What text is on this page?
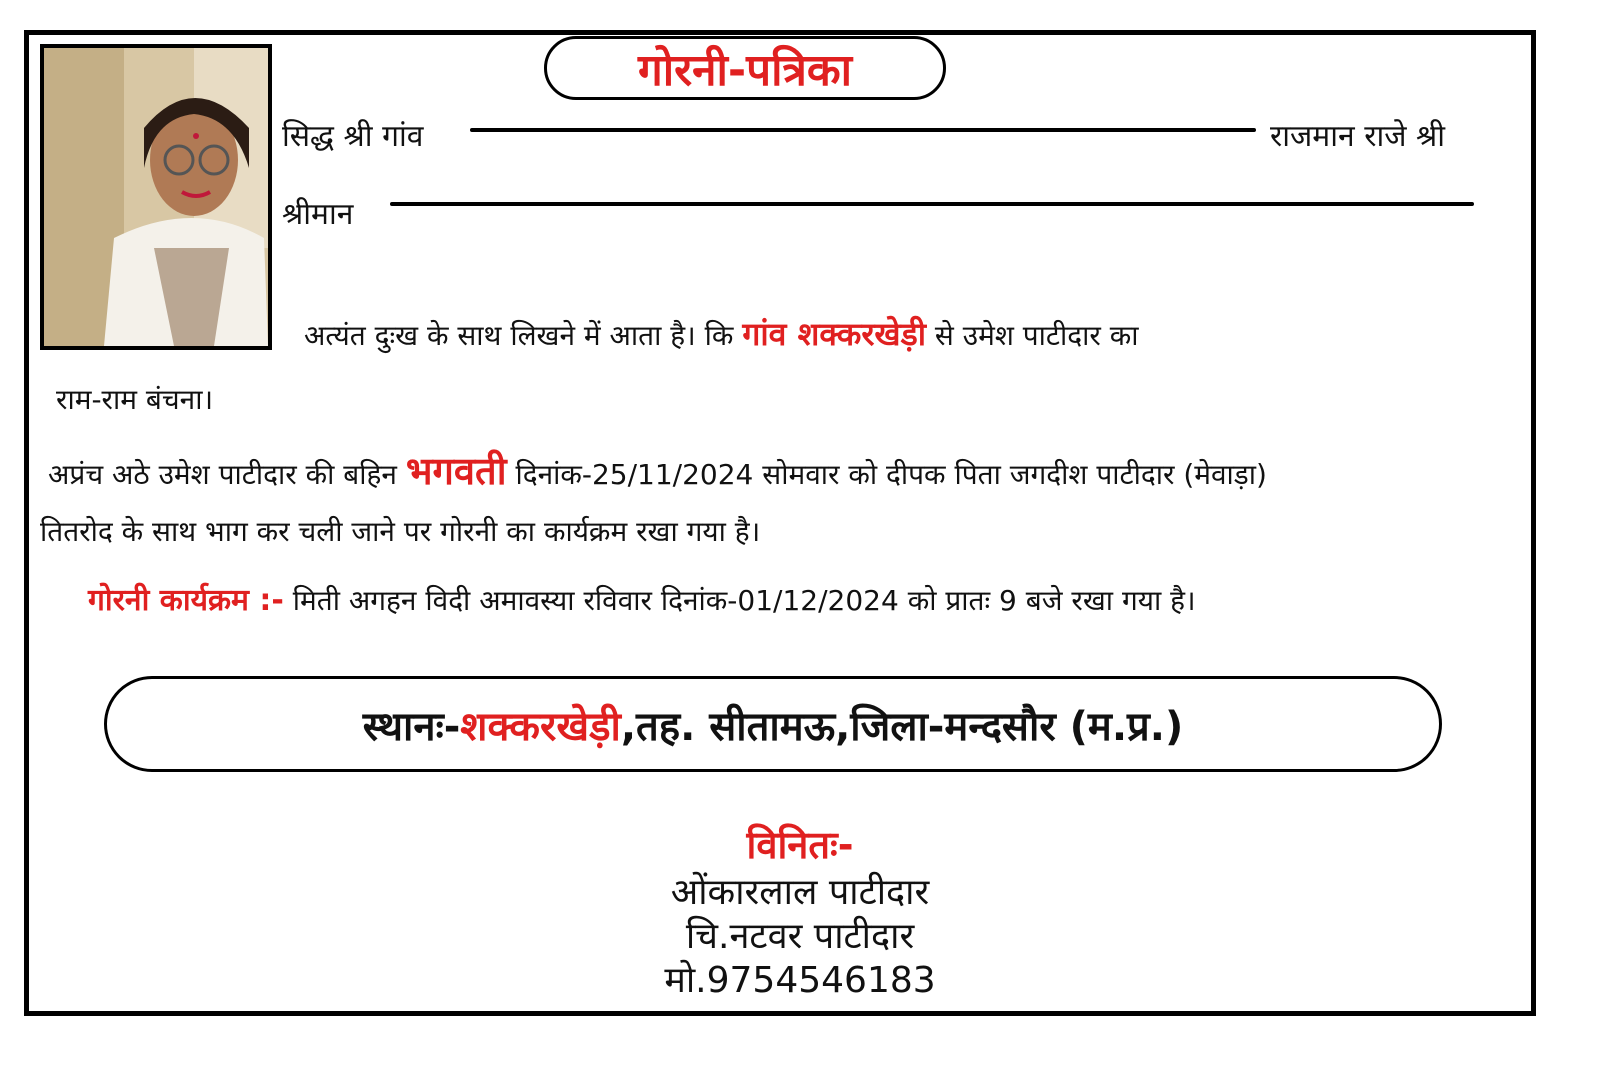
गोरनी-पत्रिका
सिद्ध श्री गांव	राजमान राजे श्री
श्रीमान
अत्यंत दुःख के साथ लिखने में आता है। कि गांव शक्करखेड़ी से उमेश पाटीदार का
राम-राम बंचना।
अप्रंच अठे उमेश पाटीदार की बहिन भगवती दिनांक-25/11/2024 सोमवार को दीपक पिता जगदीश पाटीदार (मेवाड़ा)
तितरोद के साथ भाग कर चली जाने पर गोरनी का कार्यक्रम रखा गया है।
गोरनी कार्यक्रम :- मिती अगहन विदी अमावस्या रविवार दिनांक-01/12/2024 को प्रातः 9 बजे रखा गया है।
स्थानः- शक्करखेड़ी ,तह. सीतामऊ,जिला-मन्दसौर (म.प्र.)
विनितः-
ओंकारलाल पाटीदार
चि.नटवर पाटीदार
मो.9754546183
